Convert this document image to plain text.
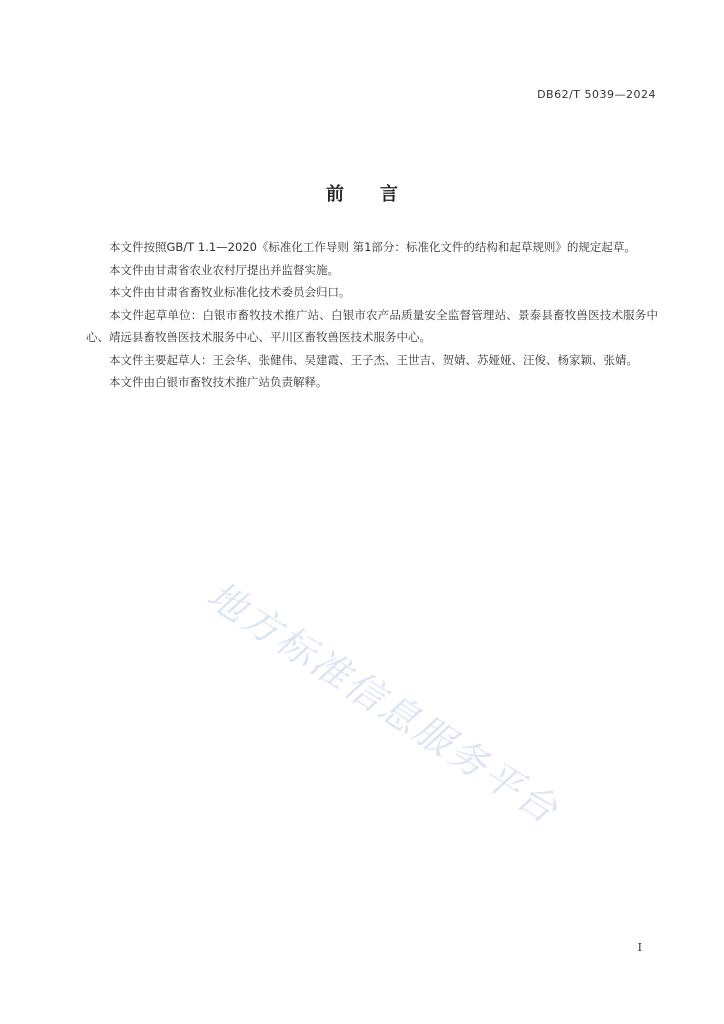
DB62/T 5039—2024
前言

本文件按照GB/T 1.1—2020《标准化工作导则 第1部分：标准化文件的结构和起草规则》的规定起草。

本文件由甘肃省农业农村厅提出并监督实施。

本文件由甘肃省畜牧业标准化技术委员会归口。

本文件起草单位：白银市畜牧技术推广站、白银市农产品质量安全监督管理站、景泰县畜牧兽医技术服务中心、靖远县畜牧兽医技术服务中心、平川区畜牧兽医技术服务中心。

本文件主要起草人：王会华、张健伟、吴建霞、王子杰、王世吉、贺婧、苏娅娅、汪俊、杨家颖、张婧。

本文件由白银市畜牧技术推广站负责解释。

地方标准信息服务平台
I
